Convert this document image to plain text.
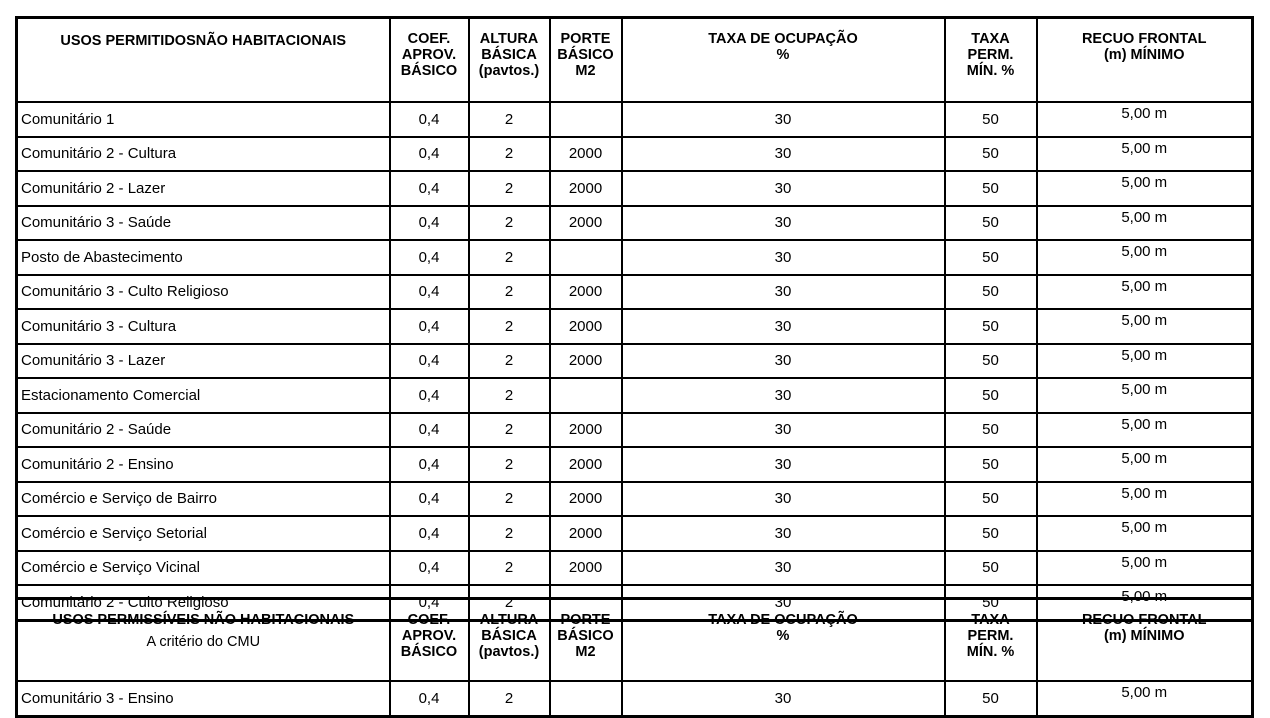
USOS PERMITIDOSNÃO HABITACIONAIS	COEF.
APROV.
BÁSICO	ALTURA
BÁSICA
(pavtos.)	PORTE
BÁSICO
M2	TAXA DE OCUPAÇÃO
%	TAXA
PERM.
MÍN. %	RECUO FRONTAL
(m) MÍNIMO
Comunitário 1	0,4	2		30	50	5,00 m
Comunitário 2 - Cultura	0,4	2	2000	30	50	5,00 m
Comunitário 2 - Lazer	0,4	2	2000	30	50	5,00 m
Comunitário 3 - Saúde	0,4	2	2000	30	50	5,00 m
Posto de Abastecimento	0,4	2		30	50	5,00 m
Comunitário 3 - Culto Religioso	0,4	2	2000	30	50	5,00 m
Comunitário 3 - Cultura	0,4	2	2000	30	50	5,00 m
Comunitário 3 - Lazer	0,4	2	2000	30	50	5,00 m
Estacionamento Comercial	0,4	2		30	50	5,00 m
Comunitário 2 - Saúde	0,4	2	2000	30	50	5,00 m
Comunitário 2 - Ensino	0,4	2	2000	30	50	5,00 m
Comércio e Serviço de Bairro	0,4	2	2000	30	50	5,00 m
Comércio e Serviço Setorial	0,4	2	2000	30	50	5,00 m
Comércio e Serviço Vicinal	0,4	2	2000	30	50	5,00 m
Comunitário 2 - Culto Religioso	0,4	2		30	50	5,00 m
USOS PERMISSÍVEIS NÃO HABITACIONAIS
A critério do CMU	COEF.
APROV.
BÁSICO	ALTURA
BÁSICA
(pavtos.)	PORTE
BÁSICO
M2	TAXA DE OCUPAÇÃO
%	TAXA
PERM.
MÍN. %	RECUO FRONTAL
(m) MÍNIMO
Comunitário 3 - Ensino	0,4	2		30	50	5,00 m
